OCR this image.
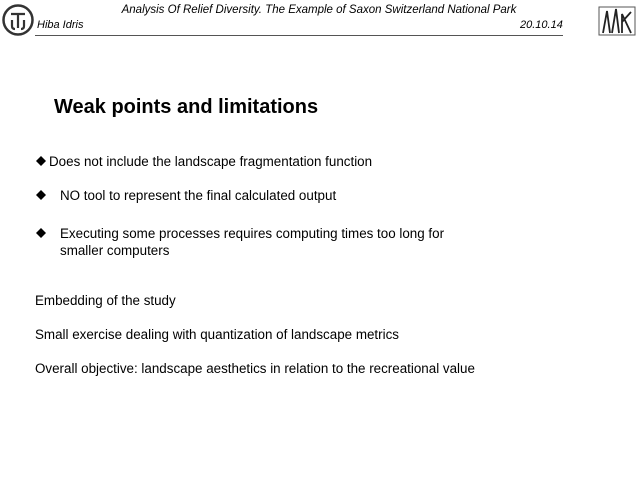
Analysis Of Relief Diversity. The Example of Saxon Switzerland National Park
Hiba Idris	20.10.14
Weak points and limitations
Does not include the landscape fragmentation function
NO tool to represent the final calculated output
Executing some processes requires computing times too long for smaller computers
Embedding of the study
Small exercise dealing with quantization of landscape metrics
Overall objective: landscape aesthetics in relation to the recreational value
